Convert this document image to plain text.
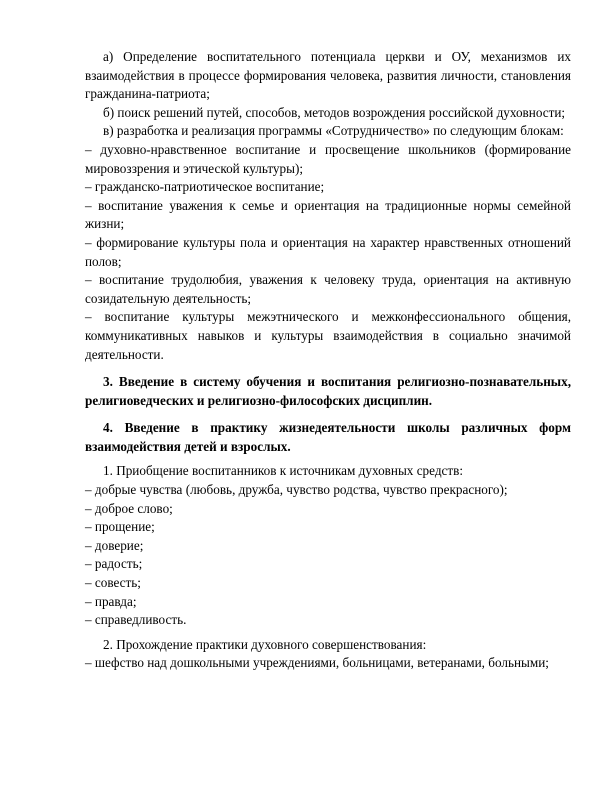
а) Определение воспитательного потенциала церкви и ОУ, механизмов их взаимодействия в процессе формирования человека, развития личности, становления гражданина-патриота;

б) поиск решений путей, способов, методов возрождения российской духовности;

в) разработка и реализация программы «Сотрудничество» по следующим блокам:

– духовно-нравственное воспитание и просвещение школьников (формирование мировоззрения и этической культуры);

– гражданско-патриотическое воспитание;

– воспитание уважения к семье и ориентация на традиционные нормы семейной жизни;

– формирование культуры пола и ориентация на характер нравственных отношений полов;

– воспитание трудолюбия, уважения к человеку труда, ориентация на активную созидательную деятельность;

– воспитание культуры межэтнического и межконфессионального общения, коммуникативных навыков и культуры взаимодействия в социально значимой деятельности.

3. Введение в систему обучения и воспитания религиозно-познавательных, религиоведческих и религиозно-философских дисциплин.

4. Введение в практику жизнедеятельности школы различных форм взаимодействия детей и взрослых.

1. Приобщение воспитанников к источникам духовных средств:

– добрые чувства (любовь, дружба, чувство родства, чувство прекрасного);

– доброе слово;

– прощение;

– доверие;

– радость;

– совесть;

– правда;

– справедливость.

2. Прохождение практики духовного совершенствования:

– шефство над дошкольными учреждениями, больницами, ветеранами, больными;
